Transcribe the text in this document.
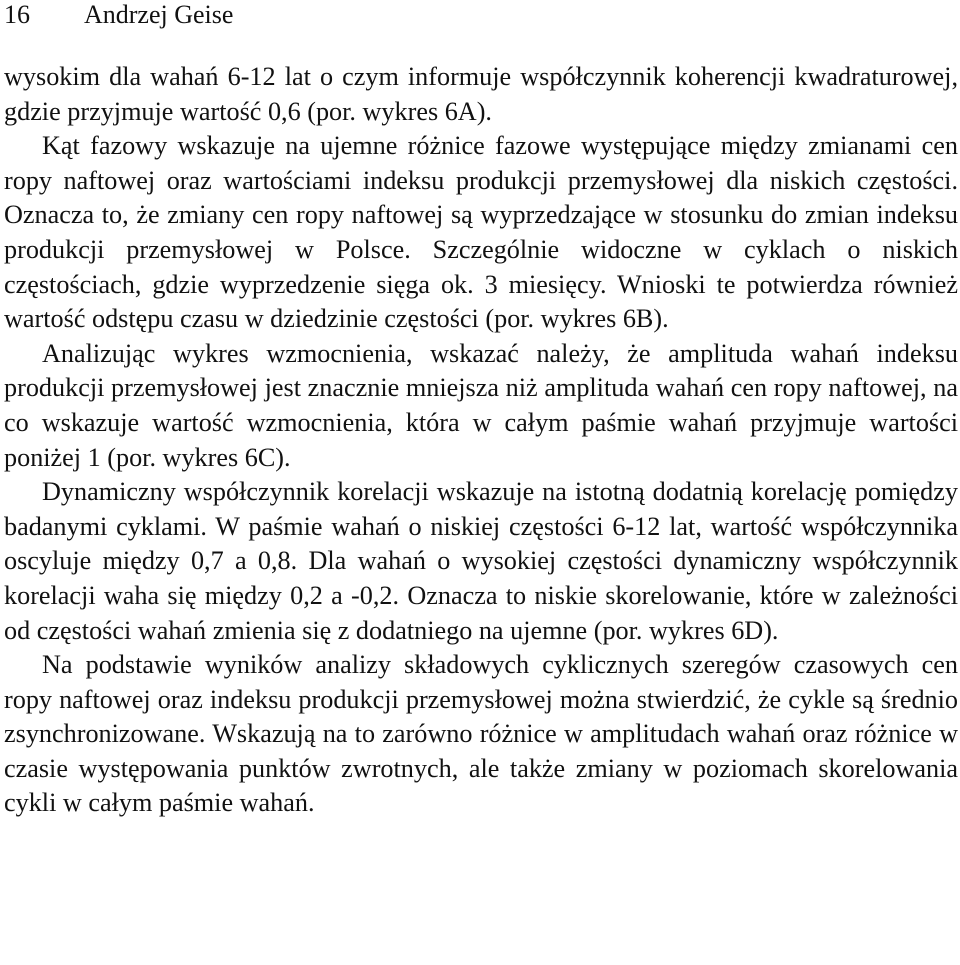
16 Andrzej Geise

wysokim dla wahań 6-12 lat o czym informuje współczynnik koherencji kwadraturowej, gdzie przyjmuje wartość 0,6 (por. wykres 6A).

Kąt fazowy wskazuje na ujemne różnice fazowe występujące między zmianami cen ropy naftowej oraz wartościami indeksu produkcji przemysłowej dla niskich częstości. Oznacza to, że zmiany cen ropy naftowej są wyprzedzające w stosunku do zmian indeksu produkcji przemysłowej w Polsce. Szczególnie widoczne w cyklach o niskich częstościach, gdzie wyprzedzenie sięga ok. 3 miesięcy. Wnioski te potwierdza również wartość odstępu czasu w dziedzinie częstości (por. wykres 6B).

Analizując wykres wzmocnienia, wskazać należy, że amplituda wahań indeksu produkcji przemysłowej jest znacznie mniejsza niż amplituda wahań cen ropy naftowej, na co wskazuje wartość wzmocnienia, która w całym paśmie wahań przyjmuje wartości poniżej 1 (por. wykres 6C).

Dynamiczny współczynnik korelacji wskazuje na istotną dodatnią korelację pomiędzy badanymi cyklami. W paśmie wahań o niskiej częstości 6-12 lat, wartość współczynnika oscyluje między 0,7 a 0,8. Dla wahań o wysokiej częstości dynamiczny współczynnik korelacji waha się między 0,2 a -0,2. Oznacza to niskie skorelowanie, które w zależności od częstości wahań zmienia się z dodatniego na ujemne (por. wykres 6D).

Na podstawie wyników analizy składowych cyklicznych szeregów czasowych cen ropy naftowej oraz indeksu produkcji przemysłowej można stwierdzić, że cykle są średnio zsynchronizowane. Wskazują na to zarówno różnice w amplitudach wahań oraz różnice w czasie występowania punktów zwrotnych, ale także zmiany w poziomach skorelowania cykli w całym paśmie wahań.
